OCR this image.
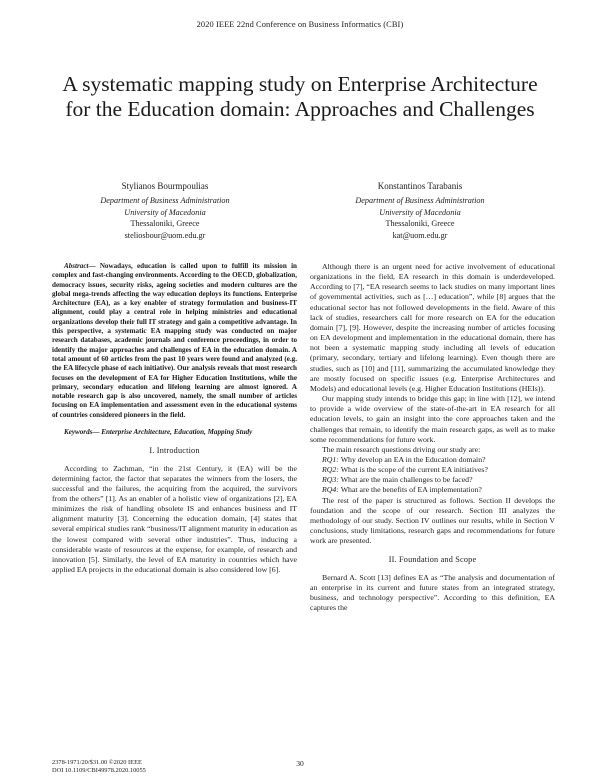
2020 IEEE 22nd Conference on Business Informatics (CBI)
A systematic mapping study on Enterprise Architecture for the Education domain: Approaches and Challenges
Stylianos Bourmpoulias
Department of Business Administration
University of Macedonia
Thessaloniki, Greece
steliosbour@uom.edu.gr
Konstantinos Tarabanis
Department of Business Administration
University of Macedonia
Thessaloniki, Greece
kat@uom.edu.gr

Abstract— Nowadays, education is called upon to fulfill its mission in complex and fast-changing environments. According to the OECD, globalization, democracy issues, security risks, ageing societies and modern cultures are the global mega-trends affecting the way education deploys its functions. Enterprise Architecture (EA), as a key enabler of strategy formulation and business-IT alignment, could play a central role in helping ministries and educational organizations develop their full IT strategy and gain a competitive advantage. In this perspective, a systematic EA mapping study was conducted on major research databases, academic journals and conference proceedings, in order to identify the major approaches and challenges of EA in the education domain. A total amount of 60 articles from the past 10 years were found and analyzed (e.g. the EA lifecycle phase of each initiative). Our analysis reveals that most research focuses on the development of EA for Higher Education Institutions, while the primary, secondary education and lifelong learning are almost ignored. A notable research gap is also uncovered, namely, the small number of articles focusing on EA implementation and assessment even in the educational systems of countries considered pioneers in the field.

Keywords— Enterprise Architecture, Education, Mapping Study

I. Introduction

According to Zachman, “in the 21st Century, it (EA) will be the determining factor, the factor that separates the winners from the losers, the successful and the failures, the acquiring from the acquired, the survivors from the others” [1]. As an enabler of a holistic view of organizations [2], EA minimizes the risk of handling obsolete IS and enhances business and IT alignment maturity [3]. Concerning the education domain, [4] states that several empirical studies rank “business/IT alignment maturity in education as the lowest compared with several other industries”. Thus, inducing a considerable waste of resources at the expense, for example, of research and innovation [5]. Similarly, the level of EA maturity in countries which have applied EA projects in the educational domain is also considered low [6].

Although there is an urgent need for active involvement of educational organizations in the field, EA research in this domain is underdeveloped. According to [7], “EA research seems to lack studies on many important lines of governmental activities, such as […] education”, while [8] argues that the educational sector has not followed developments in the field. Aware of this lack of studies, researchers call for more research on EA for the education domain [7], [9]. However, despite the increasing number of articles focusing on EA development and implementation in the educational domain, there has not been a systematic mapping study including all levels of education (primary, secondary, tertiary and lifelong learning). Even though there are studies, such as [10] and [11], summarizing the accumulated knowledge they are mostly focused on specific issues (e.g. Enterprise Architectures and Models) and educational levels (e.g. Higher Education Institutions (HEIs)).

Our mapping study intends to bridge this gap; in line with [12], we intend to provide a wide overview of the state-of-the-art in EA research for all education levels, to gain an insight into the core approaches taken and the challenges that remain, to identify the main research gaps, as well as to make some recommendations for future work.

The main research questions driving our study are:

RQ1: Why develop an EA in the Education domain?

RQ2: What is the scope of the current EA initiatives?

RQ3: What are the main challenges to be faced?

RQ4: What are the benefits of EA implementation?

The rest of the paper is structured as follows. Section II develops the foundation and the scope of our research. Section III analyzes the methodology of our study. Section IV outlines our results, while in Section V conclusions, study limitations, research gaps and recommendations for future work are presented.

II. Foundation and Scope

Bernard A. Scott [13] defines EA as “The analysis and documentation of an enterprise in its current and future states from an integrated strategy, business, and technology perspective”. According to this definition, EA captures the

2378-1971/20/$31.00 ©2020 IEEE
DOI 10.1109/CBI49978.2020.10055
30
